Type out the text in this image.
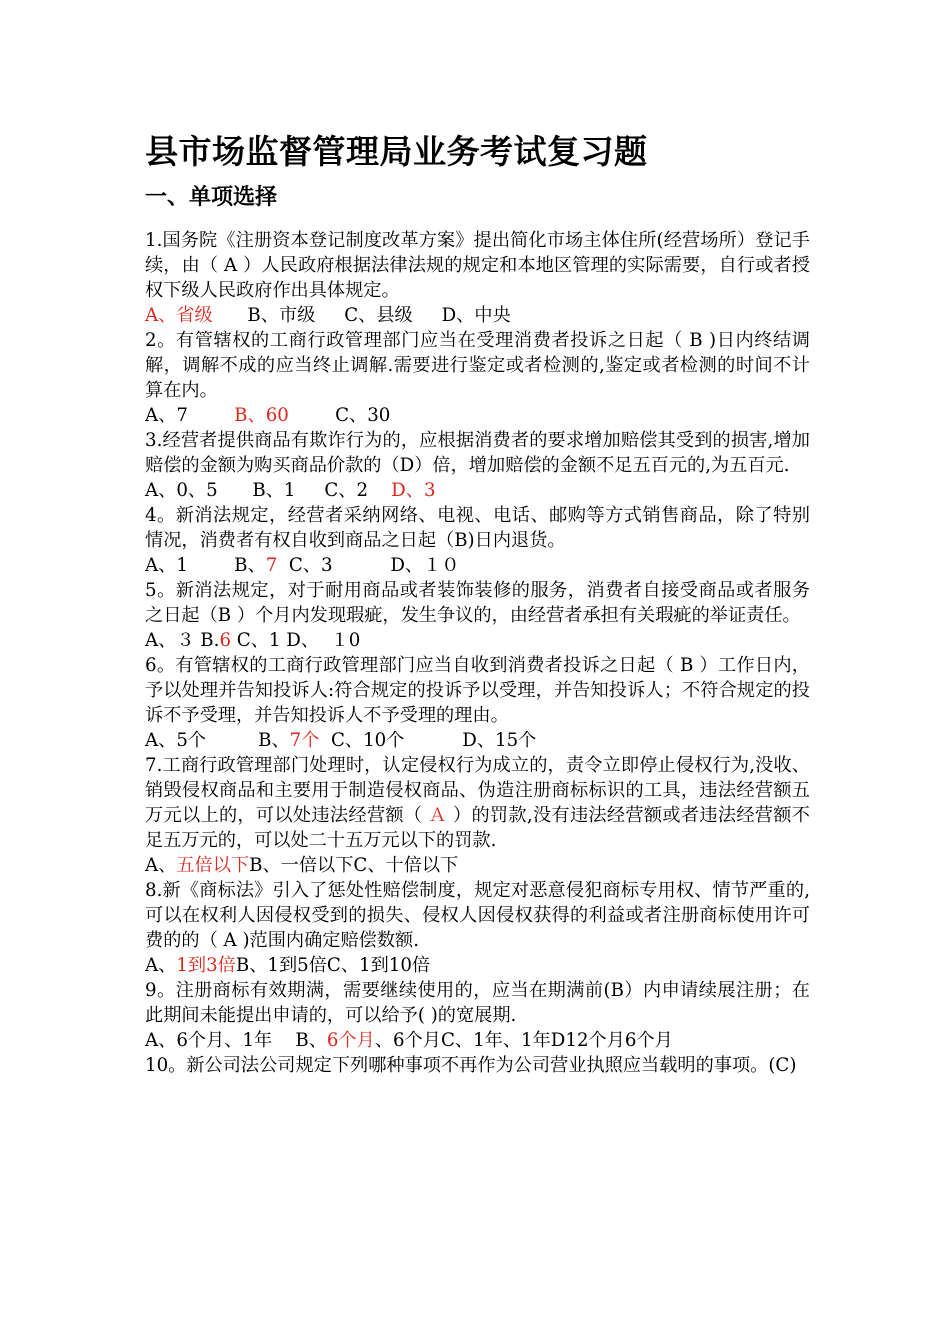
县市场监督管理局业务考试复习题
一、单项选择

1.国务院《注册资本登记制度改革方案》提出简化市场主体住所(经营场所）登记手续，由（ A ）人民政府根据法律法规的规定和本地区管理的实际需要，自行或者授权下级人民政府作出具体规定。

A、省级      B、市级     C、县级     D、中央

2。有管辖权的工商行政管理部门应当在受理消费者投诉之日起（ B )日内终结调解，调解不成的应当终止调解.需要进行鉴定或者检测的,鉴定或者检测的时间不计算在内。

A、7        B、60        C、30

3.经营者提供商品有欺诈行为的，应根据消费者的要求增加赔偿其受到的损害,增加赔偿的金额为购买商品价款的（D）倍，增加赔偿的金额不足五百元的,为五百元.

A、0、5      B、1     C、2    D、3

4。新消法规定，经营者采纳网络、电视、电话、邮购等方式销售商品，除了特别情况，消费者有权自收到商品之日起（B)日内退货。

A、1        B、7  C、3          D、１０

5。新消法规定，对于耐用商品或者装饰装修的服务，消费者自接受商品或者服务之日起（B ）个月内发现瑕疵，发生争议的，由经营者承担有关瑕疵的举证责任。

A、３ B.6 C、1 D、  １0

6。有管辖权的工商行政管理部门应当自收到消费者投诉之日起（ B ）工作日内，予以处理并告知投诉人:符合规定的投诉予以受理，并告知投诉人；不符合规定的投诉不予受理，并告知投诉人不予受理的理由。

A、5个         B、7个  C、10个          D、15个

7.工商行政管理部门处理时，认定侵权行为成立的，责令立即停止侵权行为,没收、销毁侵权商品和主要用于制造侵权商品、伪造注册商标标识的工具，违法经营额五万元以上的，可以处违法经营额（ Ａ ）的罚款,没有违法经营额或者违法经营额不足五万元的，可以处二十五万元以下的罚款.

A、五倍以下B、一倍以下C、十倍以下

8.新《商标法》引入了惩处性赔偿制度，规定对恶意侵犯商标专用权、情节严重的,可以在权利人因侵权受到的损失、侵权人因侵权获得的利益或者注册商标使用许可费的的（ A )范围内确定赔偿数额.

A、1到3倍B、1到5倍C、1到10倍

9。注册商标有效期满，需要继续使用的，应当在期满前(B）内申请续展注册；在此期间未能提出申请的，可以给予( )的宽展期.

A、6个月、1年    B、6个月、6个月C、1年、1年D12个月6个月

10。新公司法公司规定下列哪种事项不再作为公司营业执照应当载明的事项。(C)
